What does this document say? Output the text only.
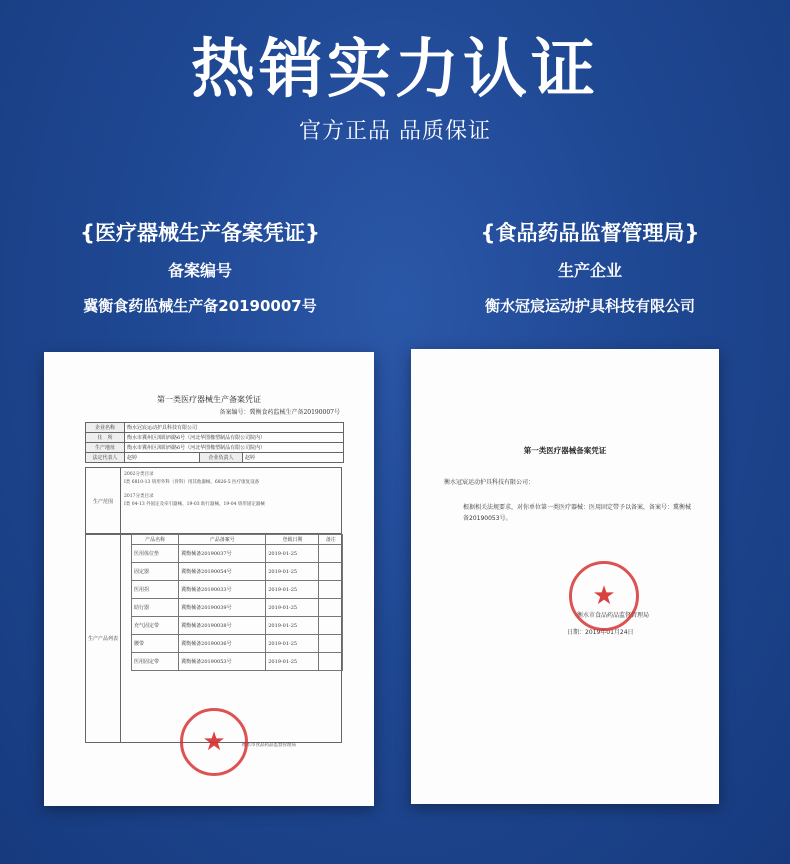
热销实力认证
官方正品 品质保证
{医疗器械生产备案凭证}
备案编号
冀衡食药监械生产备20190007号
{食品药品监督管理局}
生产企业
衡水冠宸运动护具科技有限公司
第一类医疗器械生产备案凭证
备案编号：冀衡食药监械生产备20190007号
企业名称	衡水冠宸运动护具科技有限公司		
住　所	衡水市冀州区漳阳西路6号（河北华图橡塑制品有限公司院内）		
生产地址	衡水市冀州区漳阳西路6号（河北华图橡塑制品有限公司院内）		
法定代表人	赵婷	企业负责人	赵婷
生产范围
2002分类目录
Ⅰ类 6810-13 矫形外科（骨科）用其他器械、6826-5 医疗康复设备
2017分类目录
Ⅰ类 04-13 外固定及牵引器械、19-03 助行器械、19-04 矫形固定器械
生产产品列表
产品名称	产品备案号	登载日期	备注
医用体位垫	冀衡械备20190037号	2019-01-25	
固定器	冀衡械备20190054号	2019-01-25	
医用拐	冀衡械备20190033号	2019-01-25	
助行器	冀衡械备20190039号	2019-01-25	
充气固定带	冀衡械备20190038号	2019-01-25	
腰带	冀衡械备20190036号	2019-01-25	
医用固定带	冀衡械备20190053号	2019-01-25	
衡水市食品药品监督管理局
★
第一类医疗器械备案凭证
衡水冠宸运动护具科技有限公司：
根据相关法规要求，对你单位第一类医疗器械：医用固定带予以备案，备案号：冀衡械备20190053号。
衡水市食品药品监督管理局
日期：2019年01月24日
★
